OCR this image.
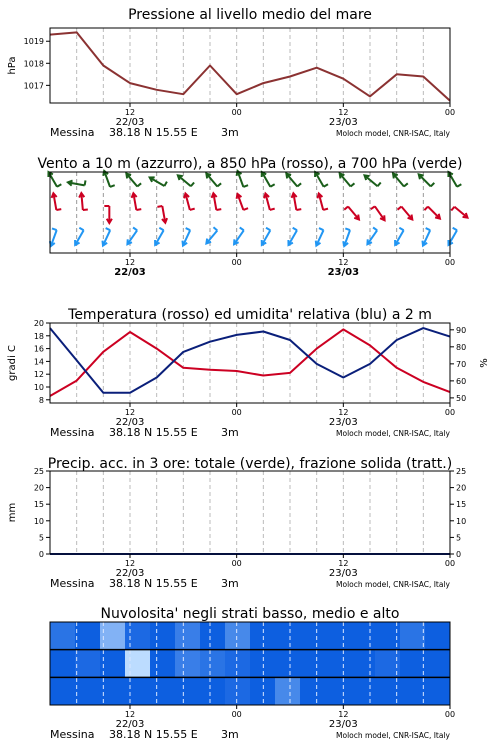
Pressione al livello medio del mare
1017
1018
1019
hPa
12	00	12	00
22/03	23/03
Messina 38.18 N 15.55 E 3m	Moloch model, CNR-ISAC, Italy
Vento a 10 m (azzurro), a 850 hPa (rosso), a 700 hPa (verde)
12	00	12	00
22/03	23/03
Temperatura (rosso) ed umidita' relativa (blu) a 2 m
8
10
12
14
16
18
20
50
60
70
80
90
gradi C	%
12	00	12	00
22/03	23/03
Messina 38.18 N 15.55 E 3m	Moloch model, CNR-ISAC, Italy
Precip. acc. in 3 ore: totale (verde), frazione solida (tratt.)
0	0
5	5
10	10
15	15
20	20
25	25
mm
12	00	12	00
22/03	23/03
Messina 38.18 N 15.55 E 3m	Moloch model, CNR-ISAC, Italy
Nuvolosita' negli strati basso, medio e alto
12	00	12	00
22/03	23/03
Messina 38.18 N 15.55 E 3m	Moloch model, CNR-ISAC, Italy
